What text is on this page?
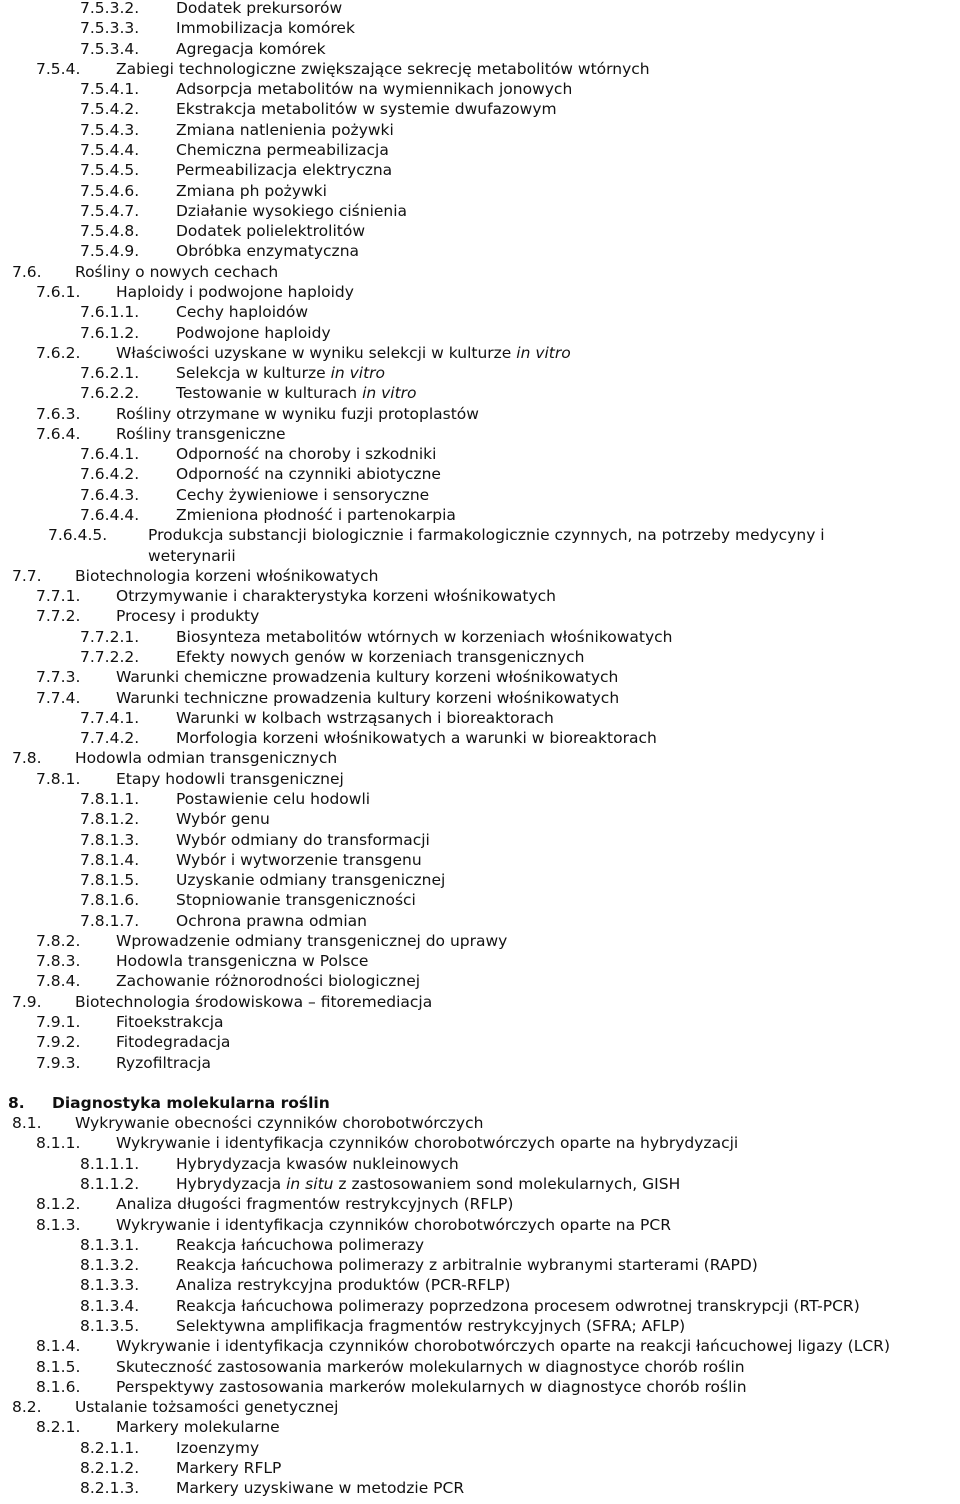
7.5.3.2. Dodatek prekursorów
7.5.3.3. Immobilizacja komórek
7.5.3.4. Agregacja komórek
7.5.4. Zabiegi technologiczne zwiększające sekrecję metabolitów wtórnych
7.5.4.1. Adsorpcja metabolitów na wymiennikach jonowych
7.5.4.2. Ekstrakcja metabolitów w systemie dwufazowym
7.5.4.3. Zmiana natlenienia pożywki
7.5.4.4. Chemiczna permeabilizacja
7.5.4.5. Permeabilizacja elektryczna
7.5.4.6. Zmiana ph pożywki
7.5.4.7. Działanie wysokiego ciśnienia
7.5.4.8. Dodatek polielektrolitów
7.5.4.9. Obróbka enzymatyczna
7.6. Rośliny o nowych cechach
7.6.1. Haploidy i podwojone haploidy
7.6.1.1. Cechy haploidów
7.6.1.2. Podwojone haploidy
7.6.2. Właściwości uzyskane w wyniku selekcji w kulturze in vitro
7.6.2.1. Selekcja w kulturze in vitro
7.6.2.2. Testowanie w kulturach in vitro
7.6.3. Rośliny otrzymane w wyniku fuzji protoplastów
7.6.4. Rośliny transgeniczne
7.6.4.1. Odporność na choroby i szkodniki
7.6.4.2. Odporność na czynniki abiotyczne
7.6.4.3. Cechy żywieniowe i sensoryczne
7.6.4.4. Zmieniona płodność i partenokarpia
7.6.4.5.	Produkcja substancji biologicznie i farmakologicznie czynnych, na potrzeby medycyny i
weterynarii
7.7. Biotechnologia korzeni włośnikowatych
7.7.1. Otrzymywanie i charakterystyka korzeni włośnikowatych
7.7.2. Procesy i produkty
7.7.2.1. Biosynteza metabolitów wtórnych w korzeniach włośnikowatych
7.7.2.2. Efekty nowych genów w korzeniach transgenicznych
7.7.3. Warunki chemiczne prowadzenia kultury korzeni włośnikowatych
7.7.4. Warunki techniczne prowadzenia kultury korzeni włośnikowatych
7.7.4.1. Warunki w kolbach wstrząsanych i bioreaktorach
7.7.4.2. Morfologia korzeni włośnikowatych a warunki w bioreaktorach
7.8. Hodowla odmian transgenicznych
7.8.1. Etapy hodowli transgenicznej
7.8.1.1. Postawienie celu hodowli
7.8.1.2. Wybór genu
7.8.1.3. Wybór odmiany do transformacji
7.8.1.4. Wybór i wytworzenie transgenu
7.8.1.5. Uzyskanie odmiany transgenicznej
7.8.1.6. Stopniowanie transgeniczności
7.8.1.7. Ochrona prawna odmian
7.8.2. Wprowadzenie odmiany transgenicznej do uprawy
7.8.3. Hodowla transgeniczna w Polsce
7.8.4. Zachowanie różnorodności biologicznej
7.9. Biotechnologia środowiskowa – fitoremediacja
7.9.1. Fitoekstrakcja
7.9.2. Fitodegradacja
7.9.3. Ryzofiltracja
8. Diagnostyka molekularna roślin
8.1. Wykrywanie obecności czynników chorobotwórczych
8.1.1. Wykrywanie i identyfikacja czynników chorobotwórczych oparte na hybrydyzacji
8.1.1.1. Hybrydyzacja kwasów nukleinowych
8.1.1.2. Hybrydyzacja in situ z zastosowaniem sond molekularnych, GISH
8.1.2. Analiza długości fragmentów restrykcyjnych (RFLP)
8.1.3. Wykrywanie i identyfikacja czynników chorobotwórczych oparte na PCR
8.1.3.1. Reakcja łańcuchowa polimerazy
8.1.3.2. Reakcja łańcuchowa polimerazy z arbitralnie wybranymi starterami (RAPD)
8.1.3.3. Analiza restrykcyjna produktów (PCR-RFLP)
8.1.3.4. Reakcja łańcuchowa polimerazy poprzedzona procesem odwrotnej transkrypcji (RT-PCR)
8.1.3.5. Selektywna amplifikacja fragmentów restrykcyjnych (SFRA; AFLP)
8.1.4. Wykrywanie i identyfikacja czynników chorobotwórczych oparte na reakcji łańcuchowej ligazy (LCR)
8.1.5. Skuteczność zastosowania markerów molekularnych w diagnostyce chorób roślin
8.1.6. Perspektywy zastosowania markerów molekularnych w diagnostyce chorób roślin
8.2. Ustalanie tożsamości genetycznej
8.2.1. Markery molekularne
8.2.1.1. Izoenzymy
8.2.1.2. Markery RFLP
8.2.1.3. Markery uzyskiwane w metodzie PCR
